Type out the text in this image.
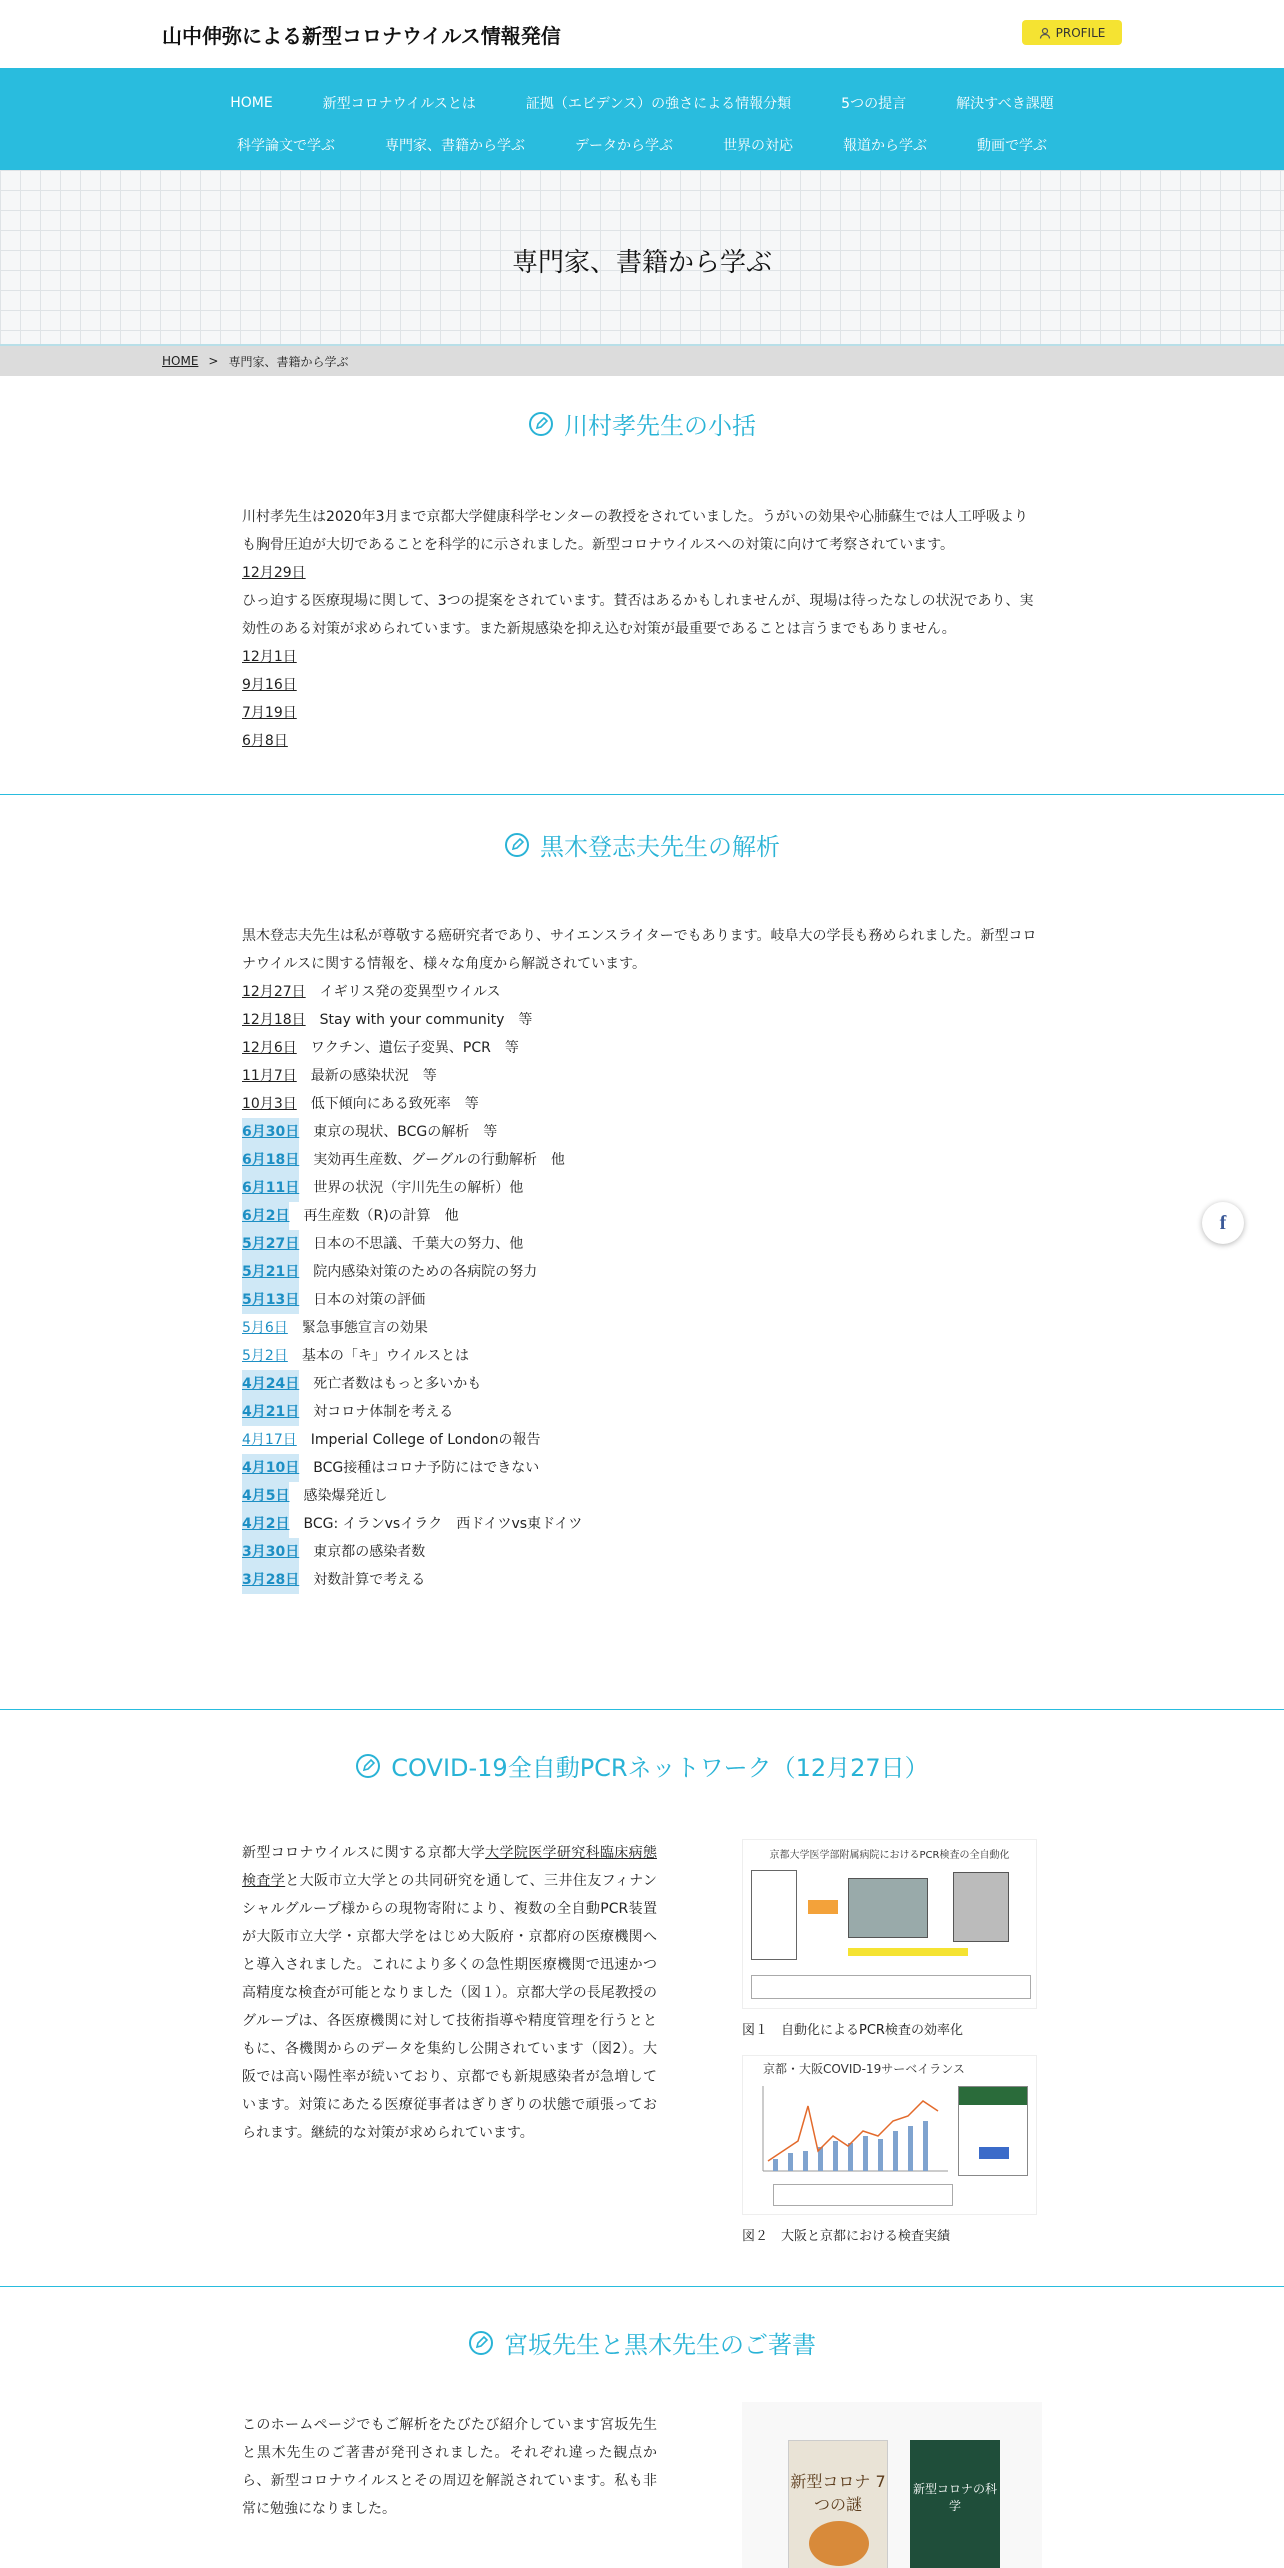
山中伸弥による新型コロナウイルス情報発信	PROFILE
HOME	新型コロナウイルスとは	証拠（エビデンス）の強さによる情報分類	5つの提言	解決すべき課題
科学論文で学ぶ	専門家、書籍から学ぶ	データから学ぶ	世界の対応	報道から学ぶ	動画で学ぶ
専門家、書籍から学ぶ
HOME > 専門家、書籍から学ぶ
川村孝先生の小括

川村孝先生は2020年3月まで京都大学健康科学センターの教授をされていました。うがいの効果や心肺蘇生では人工呼吸よりも胸骨圧迫が大切であることを科学的に示されました。新型コロナウイルスへの対策に向けて考察されています。

12月29日

ひっ迫する医療現場に関して、3つの提案をされています。賛否はあるかもしれませんが、現場は待ったなしの状況であり、実効性のある対策が求められています。また新規感染を抑え込む対策が最重要であることは言うまでもありません。

12月1日
9月16日
7月19日
6月8日
黒木登志夫先生の解析

黒木登志夫先生は私が尊敬する癌研究者であり、サイエンスライターでもあります。岐阜大の学長も務められました。新型コロナウイルスに関する情報を、様々な角度から解説されています。

12月27日 イギリス発の変異型ウイルス
12月18日 Stay with your community　等
12月6日 ワクチン、遺伝子変異、PCR　等
11月7日 最新の感染状況　等
10月3日 低下傾向にある致死率　等
6月30日 東京の現状、BCGの解析　等
6月18日 実効再生産数、グーグルの行動解析　他
6月11日 世界の状況（宇川先生の解析）他
6月2日 再生産数（R)の計算　他
5月27日 日本の不思議、千葉大の努力、他
5月21日 院内感染対策のための各病院の努力
5月13日 日本の対策の評価
5月6日 緊急事態宣言の効果
5月2日 基本の「キ」ウイルスとは
4月24日 死亡者数はもっと多いかも
4月21日 対コロナ体制を考える
4月17日 Imperial College of Londonの報告
4月10日 BCG接種はコロナ予防にはできない
4月5日 感染爆発近し
4月2日 BCG: イランvsイラク　西ドイツvs東ドイツ
3月30日 東京都の感染者数
3月28日 対数計算で考える
COVID-19全自動PCRネットワーク（12月27日）

新型コロナウイルスに関する京都大学大学院医学研究科臨床病態検査学と大阪市立大学との共同研究を通して、三井住友フィナンシャルグループ様からの現物寄附により、複数の全自動PCR装置が大阪市立大学・京都大学をはじめ大阪府・京都府の医療機関へと導入されました。これにより多くの急性期医療機関で迅速かつ高精度な検査が可能となりました（図１）。京都大学の長尾教授のグループは、各医療機関に対して技術指導や精度管理を行うとともに、各機関からのデータを集約し公開されています（図2）。大阪では高い陽性率が続いており、京都でも新規感染者が急増しています。対策にあたる医療従事者はぎりぎりの状態で頑張っておられます。継続的な対策が求められています。

京都大学医学部附属病院におけるPCR検査の全自動化
図１　自動化によるPCR検査の効率化
京都・大阪COVID-19サーベイランス
図２　大阪と京都における検査実績
宮坂先生と黒木先生のご著書

このホームページでもご解析をたびたび紹介しています宮坂先生と黒木先生のご著書が発刊されました。それぞれ違った観点から、新型コロナウイルスとその周辺を解説されています。私も非常に勉強になりました。

新型コロナ 7つの謎
新型コロナの科学
f
